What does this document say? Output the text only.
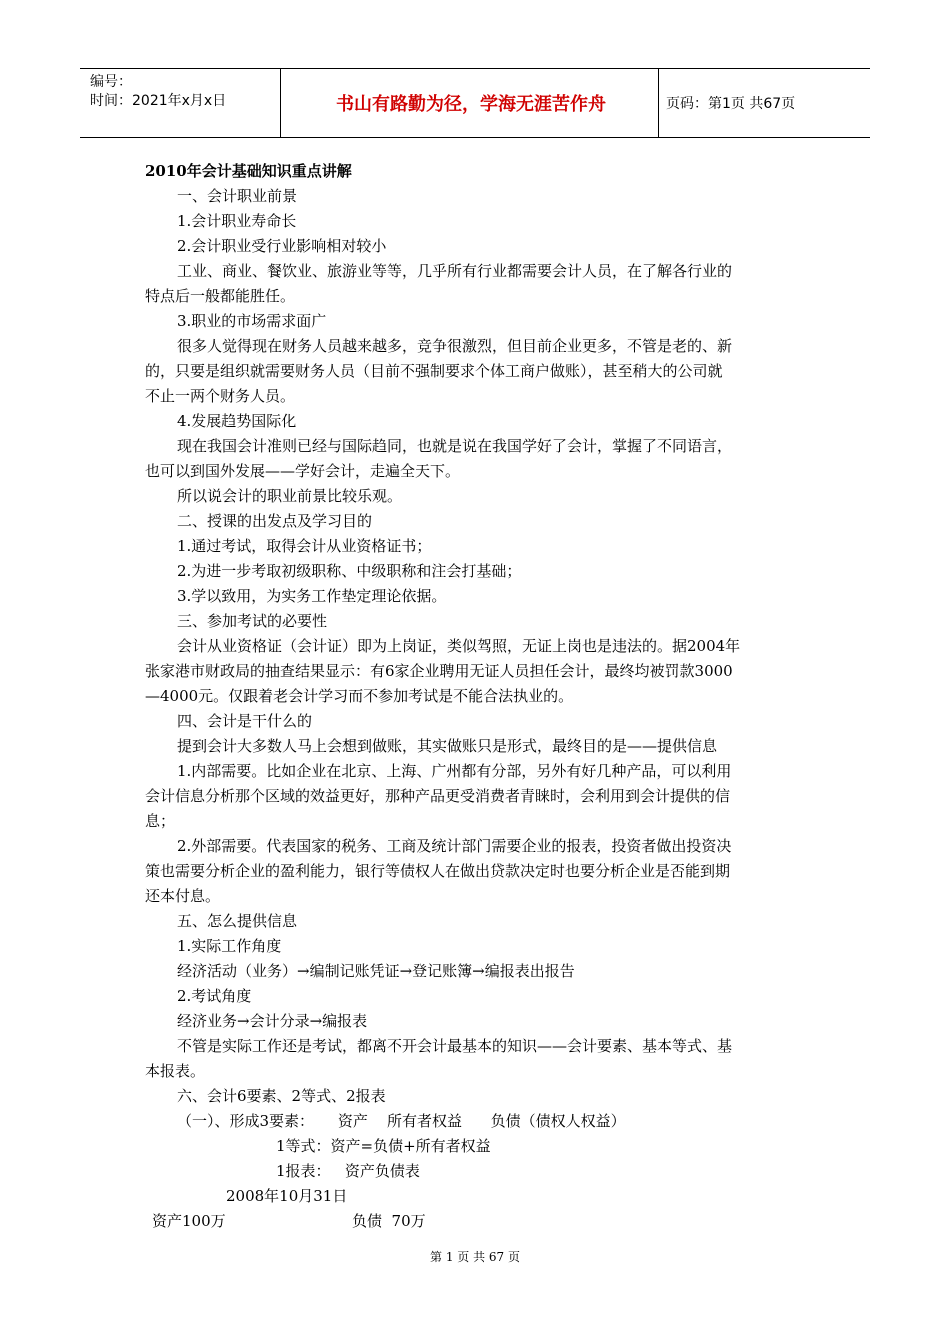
编号：
时间：2021年x月x日	书山有路勤为径，学海无涯苦作舟	页码：第1页 共67页
2010年会计基础知识重点讲解
一、会计职业前景
1.会计职业寿命长
2.会计职业受行业影响相对较小
工业、商业、餐饮业、旅游业等等，几乎所有行业都需要会计人员，在了解各行业的
特点后一般都能胜任。
3.职业的市场需求面广
很多人觉得现在财务人员越来越多，竞争很激烈，但目前企业更多，不管是老的、新
的，只要是组织就需要财务人员（目前不强制要求个体工商户做账），甚至稍大的公司就
不止一两个财务人员。
4.发展趋势国际化
现在我国会计准则已经与国际趋同，也就是说在我国学好了会计，掌握了不同语言，
也可以到国外发展——学好会计，走遍全天下。
所以说会计的职业前景比较乐观。
二、授课的出发点及学习目的
1.通过考试，取得会计从业资格证书；
2.为进一步考取初级职称、中级职称和注会打基础；
3.学以致用，为实务工作垫定理论依据。
三、参加考试的必要性
会计从业资格证（会计证）即为上岗证，类似驾照，无证上岗也是违法的。据2004年
张家港市财政局的抽查结果显示：有6家企业聘用无证人员担任会计，最终均被罚款3000
—4000元。仅跟着老会计学习而不参加考试是不能合法执业的。
四、会计是干什么的
提到会计大多数人马上会想到做账，其实做账只是形式，最终目的是——提供信息
1.内部需要。比如企业在北京、上海、广州都有分部，另外有好几种产品，可以利用
会计信息分析那个区域的效益更好，那种产品更受消费者青睐时，会利用到会计提供的信
息；
2.外部需要。代表国家的税务、工商及统计部门需要企业的报表，投资者做出投资决
策也需要分析企业的盈利能力，银行等债权人在做出贷款决定时也要分析企业是否能到期
还本付息。
五、怎么提供信息
1.实际工作角度
经济活动（业务）→编制记账凭证→登记账簿→编报表出报告
2.考试角度
经济业务→会计分录→编报表
不管是实际工作还是考试，都离不开会计最基本的知识——会计要素、基本等式、基
本报表。
六、会计6要素、2等式、2报表
（一）、形成3要素：     资产    所有者权益      负债（债权人权益）
1等式：资产=负债+所有者权益
1报表：   资产负债表
2008年10月31日
资产100万	负债  70万
第 1 页 共 67 页
